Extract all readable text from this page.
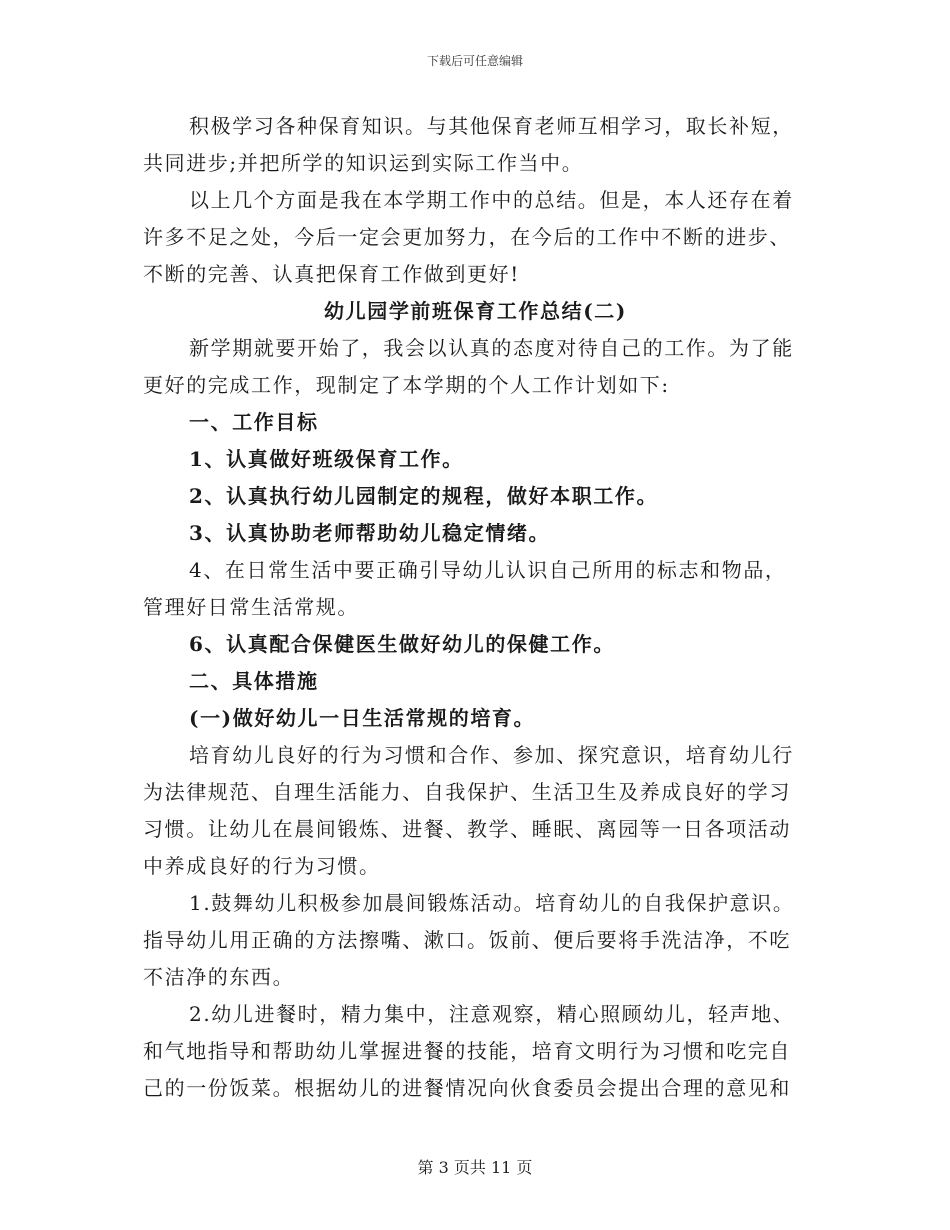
下载后可任意编辑

积极学习各种保育知识。与其他保育老师互相学习，取长补短，共同进步;并把所学的知识运到实际工作当中。

以上几个方面是我在本学期工作中的总结。但是，本人还存在着许多不足之处，今后一定会更加努力，在今后的工作中不断的进步、不断的完善、认真把保育工作做到更好!

幼儿园学前班保育工作总结(二)

新学期就要开始了，我会以认真的态度对待自己的工作。为了能更好的完成工作，现制定了本学期的个人工作计划如下:

一、工作目标

1、认真做好班级保育工作。

2、认真执行幼儿园制定的规程，做好本职工作。

3、认真协助老师帮助幼儿稳定情绪。

4、在日常生活中要正确引导幼儿认识自己所用的标志和物品，管理好日常生活常规。

6、认真配合保健医生做好幼儿的保健工作。

二、具体措施

(一)做好幼儿一日生活常规的培育。

培育幼儿良好的行为习惯和合作、参加、探究意识，培育幼儿行为法律规范、自理生活能力、自我保护、生活卫生及养成良好的学习习惯。让幼儿在晨间锻炼、进餐、教学、睡眠、离园等一日各项活动中养成良好的行为习惯。

1.鼓舞幼儿积极参加晨间锻炼活动。培育幼儿的自我保护意识。指导幼儿用正确的方法擦嘴、漱口。饭前、便后要将手洗洁净，不吃不洁净的东西。

2.幼儿进餐时，精力集中，注意观察，精心照顾幼儿，轻声地、和气地指导和帮助幼儿掌握进餐的技能，培育文明行为习惯和吃完自己的一份饭菜。根据幼儿的进餐情况向伙食委员会提出合理的意见和

第 3 页共 11 页
